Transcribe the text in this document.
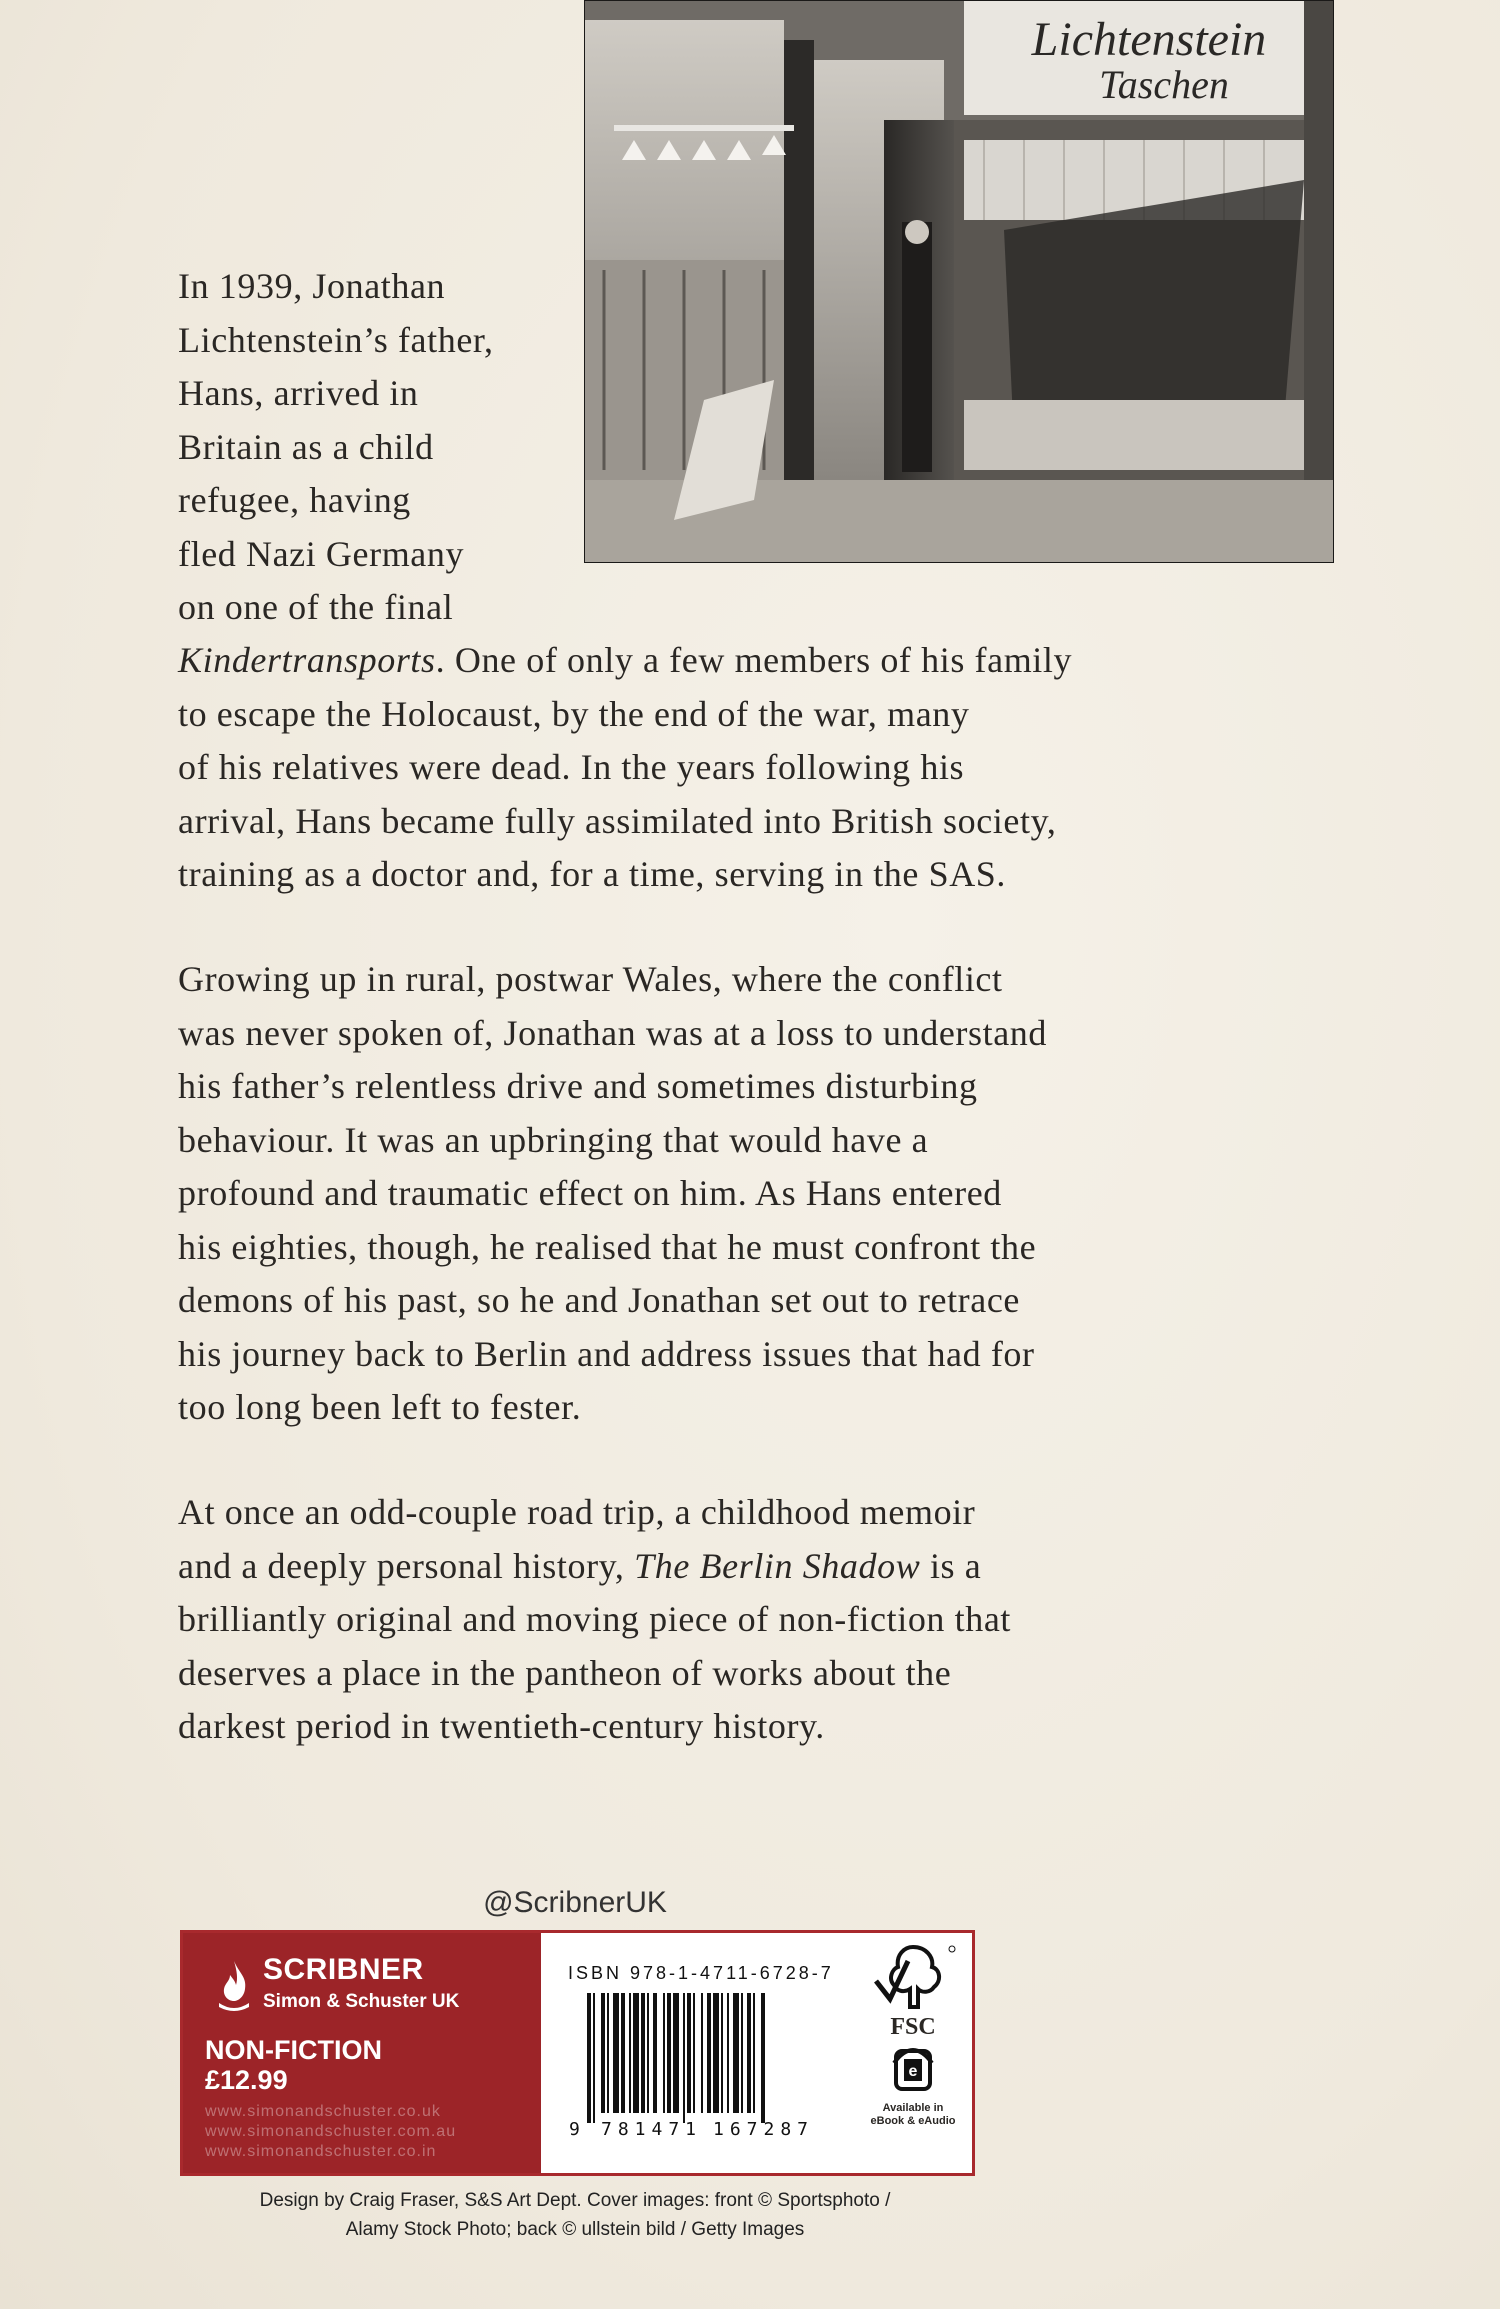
Lichtenstein
Taschen
In 1939, Jonathan
Lichtenstein’s father,
Hans, arrived in
Britain as a child
refugee, having
fled Nazi Germany
on one of the final
Kindertransports. One of only a few members of his family
to escape the Holocaust, by the end of the war, many
of his relatives were dead. In the years following his
arrival, Hans became fully assimilated into British society,
training as a doctor and, for a time, serving in the SAS.
Growing up in rural, postwar Wales, where the conflict
was never spoken of, Jonathan was at a loss to understand
his father’s relentless drive and sometimes disturbing
behaviour. It was an upbringing that would have a
profound and traumatic effect on him. As Hans entered
his eighties, though, he realised that he must confront the
demons of his past, so he and Jonathan set out to retrace
his journey back to Berlin and address issues that had for
too long been left to fester.
At once an odd-couple road trip, a childhood memoir
and a deeply personal history, The Berlin Shadow is a
brilliantly original and moving piece of non-fiction that
deserves a place in the pantheon of works about the
darkest period in twentieth-century history.
@ScribnerUK
SCRIBNER
Simon & Schuster UK
NON-FICTION
£12.99
www.simonandschuster.co.uk
www.simonandschuster.com.au
www.simonandschuster.co.in
ISBN 978-1-4711-6728-7
9 781471 167287
FSC
e
Available in
eBook & eAudio
Design by Craig Fraser, S&S Art Dept. Cover images: front © Sportsphoto /
Alamy Stock Photo; back © ullstein bild / Getty Images
